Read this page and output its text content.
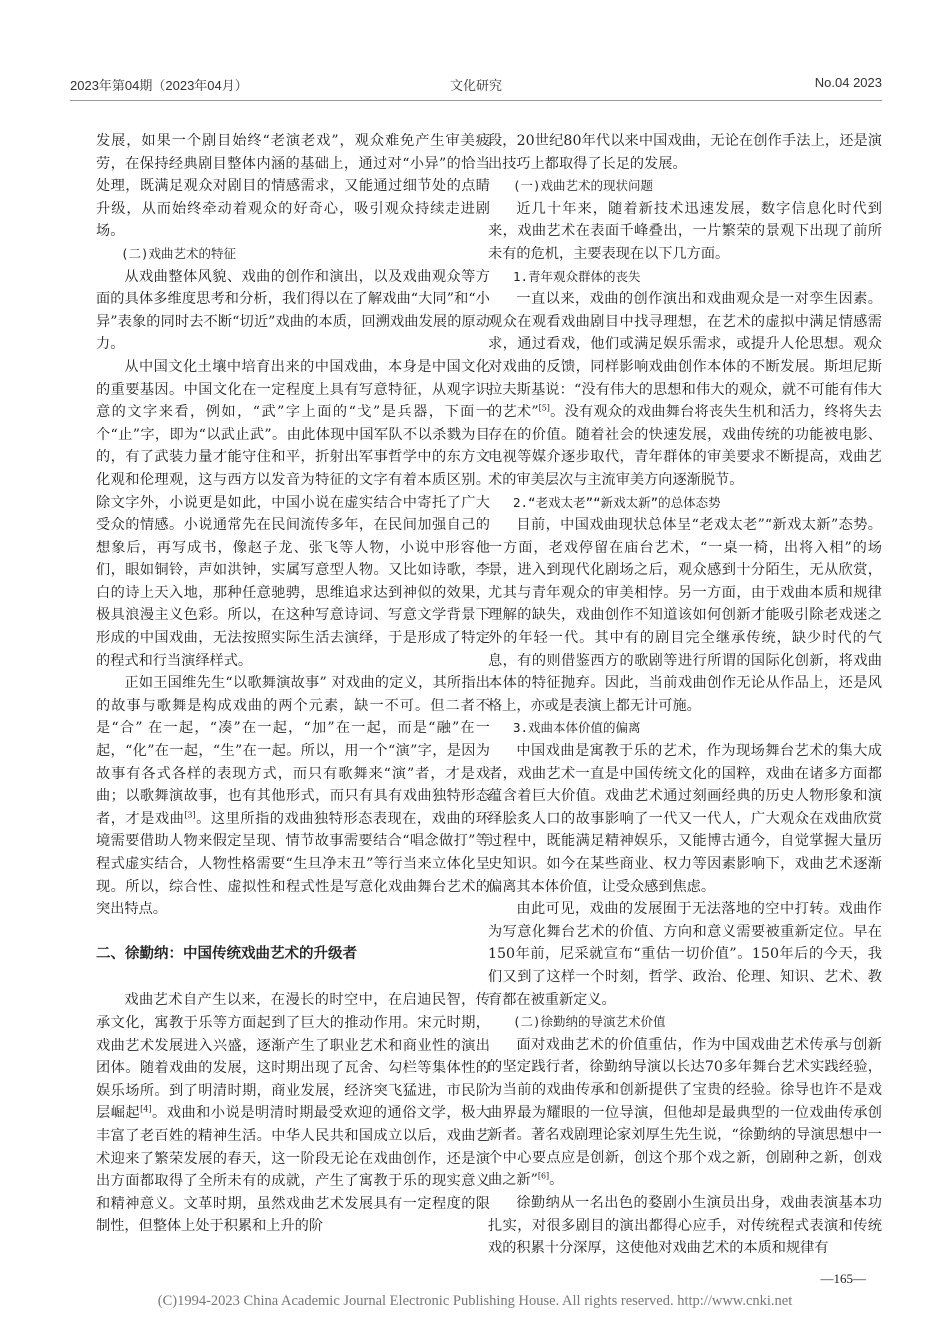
2023年第04期（2023年04月）	文化研究	No.04 2023

发展，如果一个剧目始终“老演老戏”，观众难免产生审美疲劳，在保持经典剧目整体内涵的基础上，通过对“小异”的恰当处理，既满足观众对剧目的情感需求，又能通过细节处的点睛升级，从而始终牵动着观众的好奇心，吸引观众持续走进剧场。

(二)戏曲艺术的特征

从戏曲整体风貌、戏曲的创作和演出，以及戏曲观众等方面的具体多维度思考和分析，我们得以在了解戏曲“大同”和“小异”表象的同时去不断“切近”戏曲的本质，回溯戏曲发展的原动力。

从中国文化土壤中培育出来的中国戏曲，本身是中国文化的重要基因。中国文化在一定程度上具有写意特征，从观字识意的文字来看，例如，“武”字上面的“戈”是兵器，下面一个“止”字，即为“以武止武”。由此体现中国军队不以杀戮为目的，有了武装力量才能守住和平，折射出军事哲学中的东方文化观和伦理观，这与西方以发音为特征的文字有着本质区别。除文字外，小说更是如此，中国小说在虚实结合中寄托了广大受众的情感。小说通常先在民间流传多年，在民间加强自己的想象后，再写成书，像赵子龙、张飞等人物，小说中形容他们，眼如铜铃，声如洪钟，实属写意型人物。又比如诗歌，李白的诗上天入地，那种任意驰骋，思维追求达到神似的效果，极具浪漫主义色彩。所以，在这种写意诗词、写意文学背景下形成的中国戏曲，无法按照实际生活去演绎，于是形成了特定的程式和行当演绎样式。

正如王国维先生“以歌舞演故事” 对戏曲的定义，其所指出的故事与歌舞是构成戏曲的两个元素，缺一不可。但二者不是“合” 在一起，“凑”在一起，“加”在一起，而是“融”在一起，“化”在一起，“生”在一起。所以，用一个“演”字，是因为故事有各式各样的表现方式，而只有歌舞来“演”者，才是戏曲；以歌舞演故事，也有其他形式，而只有具有戏曲独特形态者，才是戏曲[3]。这里所指的戏曲独特形态表现在，戏曲的环境需要借助人物来假定呈现、情节故事需要结合“唱念做打”等程式虚实结合，人物性格需要“生旦净末丑”等行当来立体化呈现。所以，综合性、虚拟性和程式性是写意化戏曲舞台艺术的突出特点。

二、徐勤纳：中国传统戏曲艺术的升级者

戏曲艺术自产生以来，在漫长的时空中，在启迪民智，传承文化，寓教于乐等方面起到了巨大的推动作用。宋元时期，戏曲艺术发展进入兴盛，逐渐产生了职业艺术和商业性的演出团体。随着戏曲的发展，这时期出现了瓦舍、勾栏等集体性的娱乐场所。到了明清时期，商业发展，经济突飞猛进，市民阶层崛起[4]。戏曲和小说是明清时期最受欢迎的通俗文学，极大丰富了老百姓的精神生活。中华人民共和国成立以后，戏曲艺术迎来了繁荣发展的春天，这一阶段无论在戏曲创作，还是演出方面都取得了全所未有的成就，产生了寓教于乐的现实意义和精神意义。文革时期，虽然戏曲艺术发展具有一定程度的限制性，但整体上处于积累和上升的阶

段，20世纪80年代以来中国戏曲，无论在创作手法上，还是演出技巧上都取得了长足的发展。

(一)戏曲艺术的现状问题

近几十年来，随着新技术迅速发展，数字信息化时代到来，戏曲艺术在表面千峰叠出，一片繁荣的景观下出现了前所未有的危机，主要表现在以下几方面。

1.青年观众群体的丧失

一直以来，戏曲的创作演出和戏曲观众是一对孪生因素。观众在观看戏曲剧目中找寻理想，在艺术的虚拟中满足情感需求，通过看戏，他们或满足娱乐需求，或提升人伦思想。观众对戏曲的反馈，同样影响戏曲创作本体的不断发展。斯坦尼斯拉夫斯基说：“没有伟大的思想和伟大的观众，就不可能有伟大的艺术”[5]。没有观众的戏曲舞台将丧失生机和活力，终将失去存在的价值。随着社会的快速发展，戏曲传统的功能被电影、电视等媒介逐步取代，青年群体的审美要求不断提高，戏曲艺术的审美层次与主流审美方向逐渐脱节。

2.“老戏太老”“新戏太新”的总体态势

目前，中国戏曲现状总体呈“老戏太老”“新戏太新”态势。一方面，老戏停留在庙台艺术，“一桌一椅，出将入相”的场景，进入到现代化剧场之后，观众感到十分陌生，无从欣赏，尤其与青年观众的审美相悖。另一方面，由于戏曲本质和规律理解的缺失，戏曲创作不知道该如何创新才能吸引除老戏迷之外的年轻一代。其中有的剧目完全继承传统，缺少时代的气息，有的则借鉴西方的歌剧等进行所谓的国际化创新，将戏曲本体的特征抛弃。因此，当前戏曲创作无论从作品上，还是风格上，亦或是表演上都无计可施。

3.戏曲本体价值的偏离

中国戏曲是寓教于乐的艺术，作为现场舞台艺术的集大成者，戏曲艺术一直是中国传统文化的国粹，戏曲在诸多方面都蕴含着巨大价值。戏曲艺术通过刻画经典的历史人物形象和演绎脍炙人口的故事影响了一代又一代人，广大观众在戏曲欣赏过程中，既能满足精神娱乐，又能博古通今，自觉掌握大量历史知识。如今在某些商业、权力等因素影响下，戏曲艺术逐渐偏离其本体价值，让受众感到焦虑。

由此可见，戏曲的发展囿于无法落地的空中打转。戏曲作为写意化舞台艺术的价值、方向和意义需要被重新定位。早在150年前，尼采就宣布“重估一切价值”。150年后的今天，我们又到了这样一个时刻，哲学、政治、伦理、知识、艺术、教育都在被重新定义。

(二)徐勤纳的导演艺术价值

面对戏曲艺术的价值重估，作为中国戏曲艺术传承与创新的坚定践行者，徐勤纳导演以长达70多年舞台艺术实践经验，为当前的戏曲传承和创新提供了宝贵的经验。徐导也许不是戏曲界最为耀眼的一位导演，但他却是最典型的一位戏曲传承创新者。著名戏剧理论家刘厚生先生说，“徐勤纳的导演思想中一个中心要点应是创新，创这个那个戏之新，创剧种之新，创戏曲之新”[6]。

徐勤纳从一名出色的婺剧小生演员出身，戏曲表演基本功扎实，对很多剧目的演出都得心应手，对传统程式表演和传统戏的积累十分深厚，这使他对戏曲艺术的本质和规律有

—165—
(C)1994-2023 China Academic Journal Electronic Publishing House. All rights reserved. http://www.cnki.net
